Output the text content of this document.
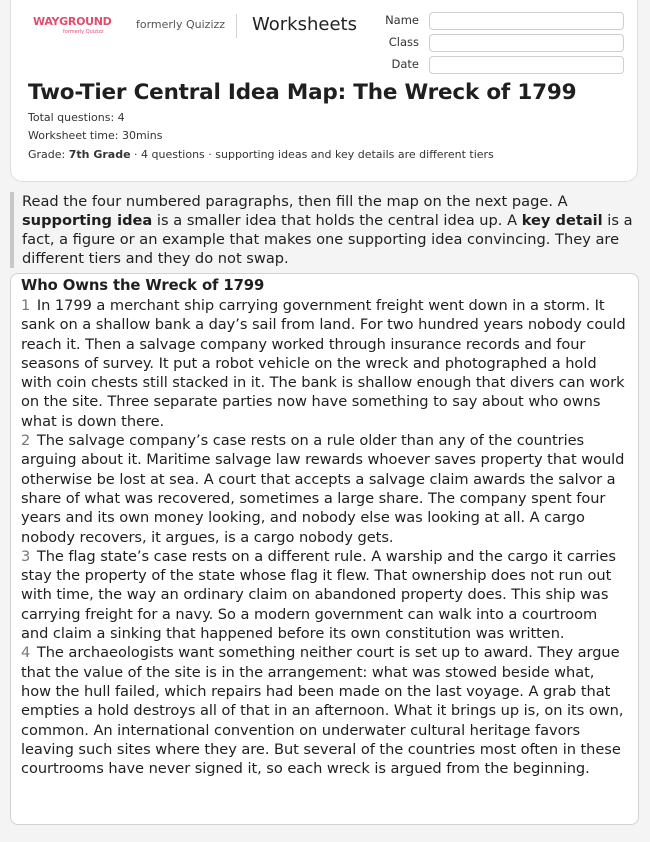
WAYGROUND
formerly Quizizz
formerly Quizizz Worksheets	Name
Class
Date
Two-Tier Central Idea Map: The Wreck of 1799
Total questions: 4
Worksheet time: 30mins
Grade: 7th Grade · 4 questions · supporting ideas and key details are different tiers
Read the four numbered paragraphs, then fill the map on the next page. A supporting idea is a smaller idea that holds the central idea up. A key detail is a fact, a figure or an example that makes one supporting idea convincing. They are different tiers and they do not swap.
Who Owns the Wreck of 1799

1 In 1799 a merchant ship carrying government freight went down in a storm. It sank on a shallow bank a day’s sail from land. For two hundred years nobody could reach it. Then a salvage company worked through insurance records and four seasons of survey. It put a robot vehicle on the wreck and photographed a hold with coin chests still stacked in it. The bank is shallow enough that divers can work on the site. Three separate parties now have something to say about who owns what is down there.

2 The salvage company’s case rests on a rule older than any of the countries arguing about it. Maritime salvage law rewards whoever saves property that would otherwise be lost at sea. A court that accepts a salvage claim awards the salvor a share of what was recovered, sometimes a large share. The company spent four years and its own money looking, and nobody else was looking at all. A cargo nobody recovers, it argues, is a cargo nobody gets.

3 The flag state’s case rests on a different rule. A warship and the cargo it carries stay the property of the state whose flag it flew. That ownership does not run out with time, the way an ordinary claim on abandoned property does. This ship was carrying freight for a navy. So a modern government can walk into a courtroom and claim a sinking that happened before its own constitution was written.

4 The archaeologists want something neither court is set up to award. They argue that the value of the site is in the arrangement: what was stowed beside what, how the hull failed, which repairs had been made on the last voyage. A grab that empties a hold destroys all of that in an afternoon. What it brings up is, on its own, common. An international convention on underwater cultural heritage favors leaving such sites where they are. But several of the countries most often in these courtrooms have never signed it, so each wreck is argued from the beginning.
